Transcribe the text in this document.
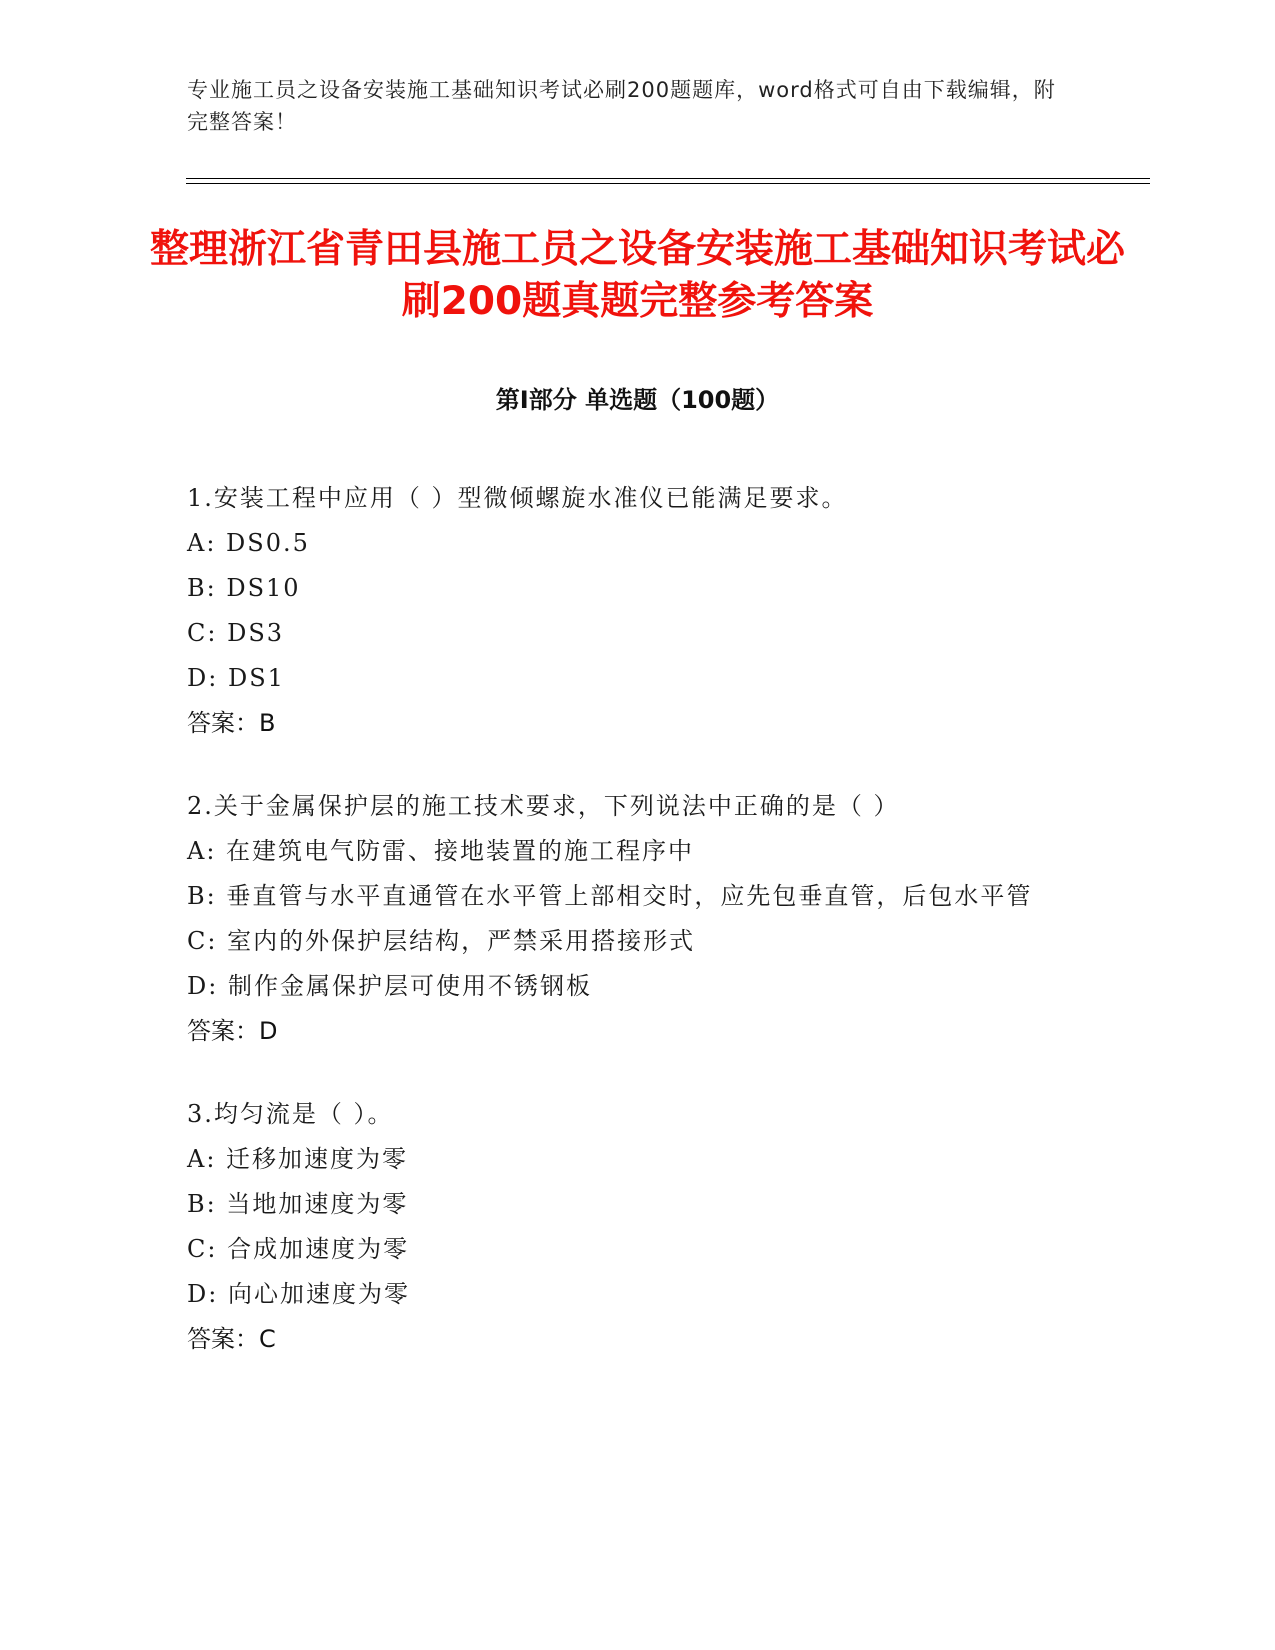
专业施工员之设备安装施工基础知识考试必刷200题题库，word格式可自由下载编辑，附完整答案！
整理浙江省青田县施工员之设备安装施工基础知识考试必刷200题真题完整参考答案
第Ⅰ部分 单选题（100题）
1.安装工程中应用（ ）型微倾螺旋水准仪已能满足要求。
A: DS0.5
B: DS10
C: DS3
D: DS1
答案：B
2.关于金属保护层的施工技术要求，下列说法中正确的是（ ）
A: 在建筑电气防雷、接地装置的施工程序中
B: 垂直管与水平直通管在水平管上部相交时，应先包垂直管，后包水平管
C: 室内的外保护层结构，严禁采用搭接形式
D: 制作金属保护层可使用不锈钢板
答案：D
3.均匀流是（ ）。
A: 迁移加速度为零
B: 当地加速度为零
C: 合成加速度为零
D: 向心加速度为零
答案：C
